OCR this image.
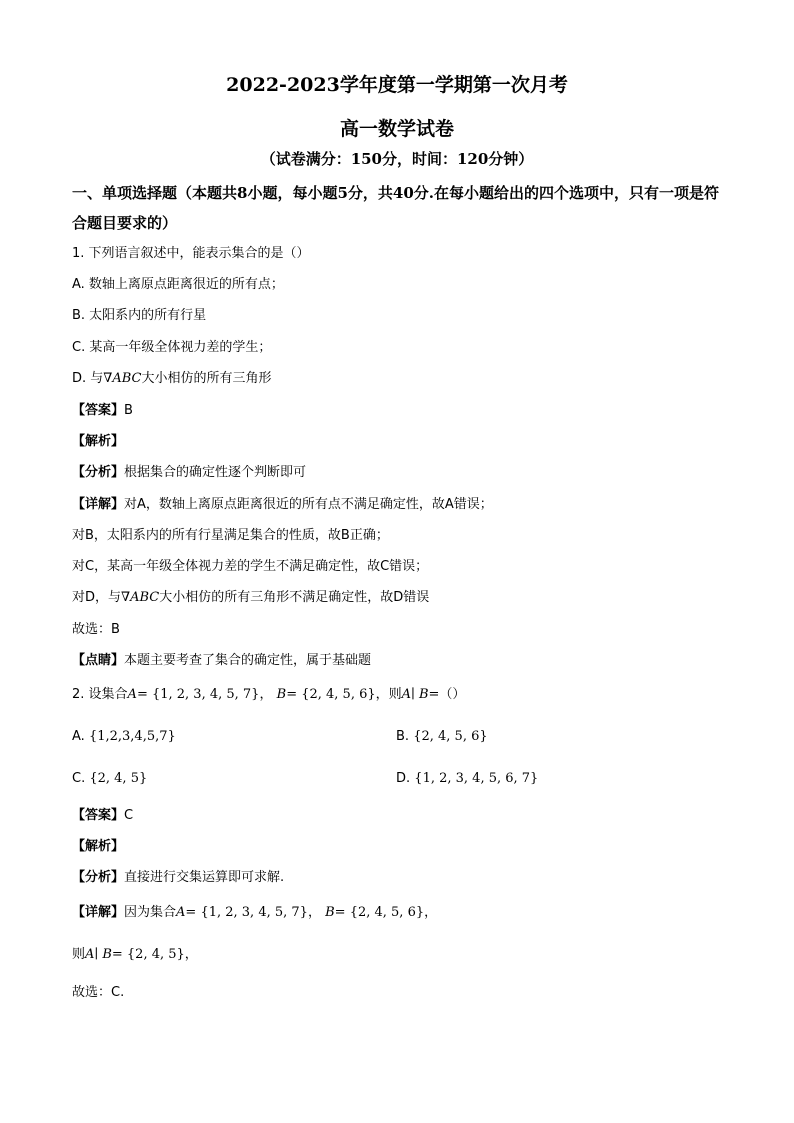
2022-2023学年度第一学期第一次月考
高一数学试卷
（试卷满分：150分，时间：120分钟）
一、单项选择题（本题共8小题，每小题5分，共40分.在每小题给出的四个选项中，只有一项是符合题目要求的）
1. 下列语言叙述中，能表示集合的是（）
A. 数轴上离原点距离很近的所有点；
B. 太阳系内的所有行星
C. 某高一年级全体视力差的学生；
D. 与∇ABC大小相仿的所有三角形
【答案】B
【解析】
【分析】根据集合的确定性逐个判断即可
【详解】对A，数轴上离原点距离很近的所有点不满足确定性，故A错误；
对B，太阳系内的所有行星满足集合的性质，故B正确；
对C，某高一年级全体视力差的学生不满足确定性，故C错误；
对D，与∇ABC大小相仿的所有三角形不满足确定性，故D错误
故选：B
【点睛】本题主要考查了集合的确定性，属于基础题
2. 设集合A= {1, 2, 3, 4, 5, 7}， B= {2, 4, 5, 6}，则A∣ B=（）
A. {1,2,3,4,5,7}	B. {2, 4, 5, 6}
C. {2, 4, 5}	D. {1, 2, 3, 4, 5, 6, 7}
【答案】C
【解析】
【分析】直接进行交集运算即可求解.
【详解】因为集合A= {1, 2, 3, 4, 5, 7}， B= {2, 4, 5, 6}，
则A∣ B= {2, 4, 5}，
故选：C.
